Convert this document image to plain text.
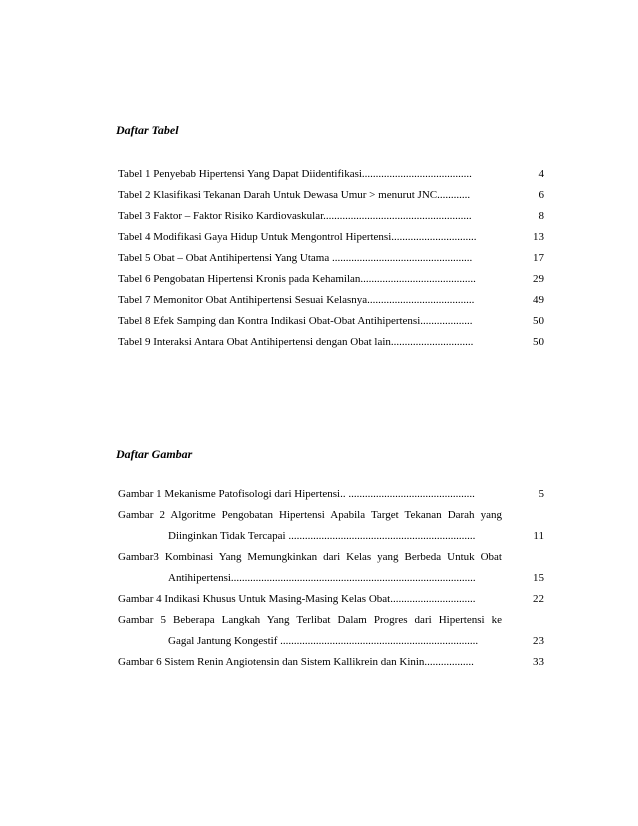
Daftar Tabel
Tabel 1 Penyebab Hipertensi Yang Dapat Diidentifikasi........................................	4
Tabel 2 Klasifikasi Tekanan Darah Untuk Dewasa Umur > menurut JNC............	6
Tabel 3 Faktor – Faktor Risiko Kardiovaskular......................................................	8
Tabel 4 Modifikasi Gaya Hidup Untuk Mengontrol Hipertensi...............................	13
Tabel 5 Obat – Obat Antihipertensi Yang Utama ...................................................	17
Tabel 6 Pengobatan Hipertensi Kronis pada Kehamilan..........................................	29
Tabel 7 Memonitor Obat Antihipertensi Sesuai Kelasnya.......................................	49
Tabel 8 Efek Samping dan Kontra Indikasi Obat-Obat Antihipertensi...................	50
Tabel 9 Interaksi Antara Obat Antihipertensi dengan Obat lain..............................	50
Daftar Gambar
Gambar 1 Mekanisme Patofisologi dari Hipertensi.. ..............................................	5
Gambar 2 Algoritme Pengobatan Hipertensi Apabila Target Tekanan Darah yang
Diinginkan Tidak Tercapai ....................................................................	11
Gambar3 Kombinasi Yang Memungkinkan dari Kelas yang Berbeda Untuk Obat
Antihipertensi.........................................................................................	15
Gambar 4 Indikasi Khusus Untuk Masing-Masing Kelas Obat...............................	22
Gambar 5 Beberapa Langkah Yang Terlibat Dalam Progres dari Hipertensi ke
Gagal Jantung Kongestif ........................................................................	23
Gambar 6 Sistem Renin Angiotensin dan Sistem Kallikrein dan Kinin..................	33
